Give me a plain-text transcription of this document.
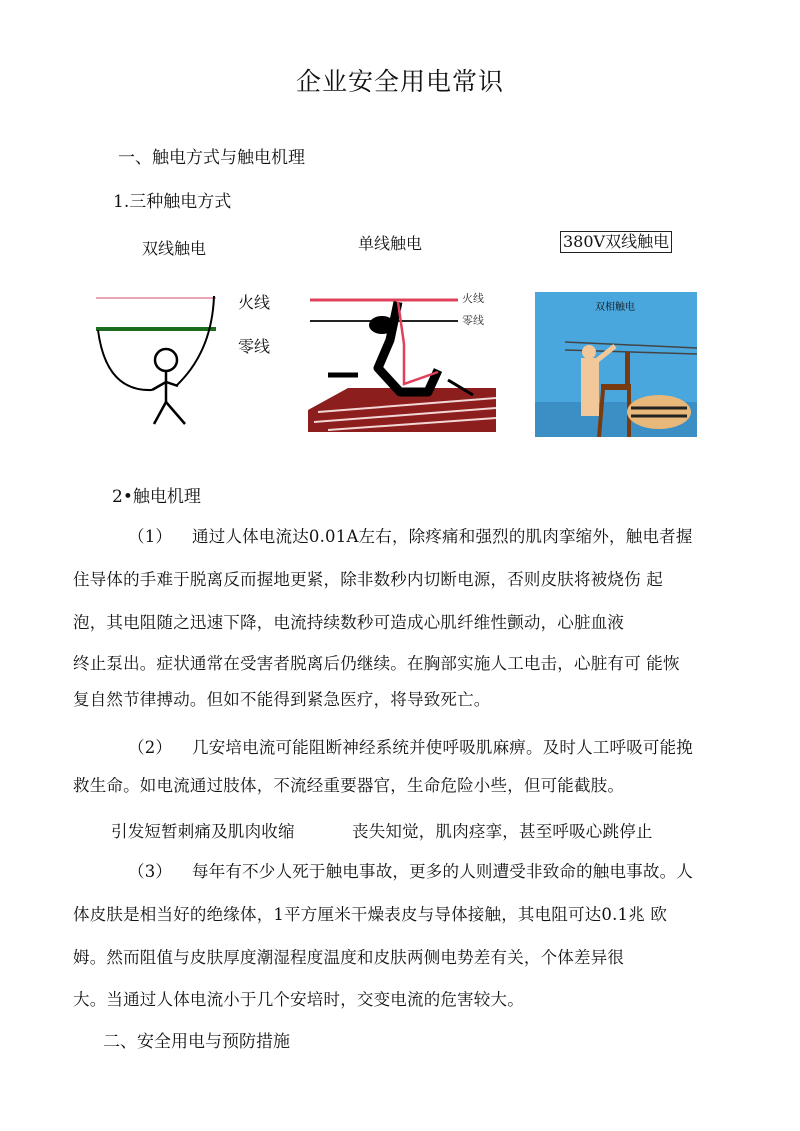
企业安全用电常识
一、触电方式与触电机理
1.三种触电方式
双线触电	单线触电	380V双线触电
火线
零线
火线
零线
双相触电
2•触电机理
（1） 通过人体电流达0.01A左右，除疼痛和强烈的肌肉挛缩外，触电者握
住导体的手难于脱离反而握地更紧，除非数秒内切断电源，否则皮肤将被烧伤 起
泡，其电阻随之迅速下降，电流持续数秒可造成心肌纤维性颤动，心脏血液
终止泵出。症状通常在受害者脱离后仍继续。在胸部实施人工电击，心脏有可 能恢
复自然节律搏动。但如不能得到紧急医疗，将导致死亡。
（2） 几安培电流可能阻断神经系统并使呼吸肌麻痹。及时人工呼吸可能挽
救生命。如电流通过肢体，不流经重要器官，生命危险小些，但可能截肢。
引发短暂刺痛及肌肉收缩	丧失知觉，肌肉痉挛，甚至呼吸心跳停止
（3） 每年有不少人死于触电事故，更多的人则遭受非致命的触电事故。人
体皮肤是相当好的绝缘体，1平方厘米干燥表皮与导体接触，其电阻可达0.1兆 欧
姆。然而阻值与皮肤厚度潮湿程度温度和皮肤两侧电势差有关，个体差异很
大。当通过人体电流小于几个安培时，交变电流的危害较大。
二、安全用电与预防措施
